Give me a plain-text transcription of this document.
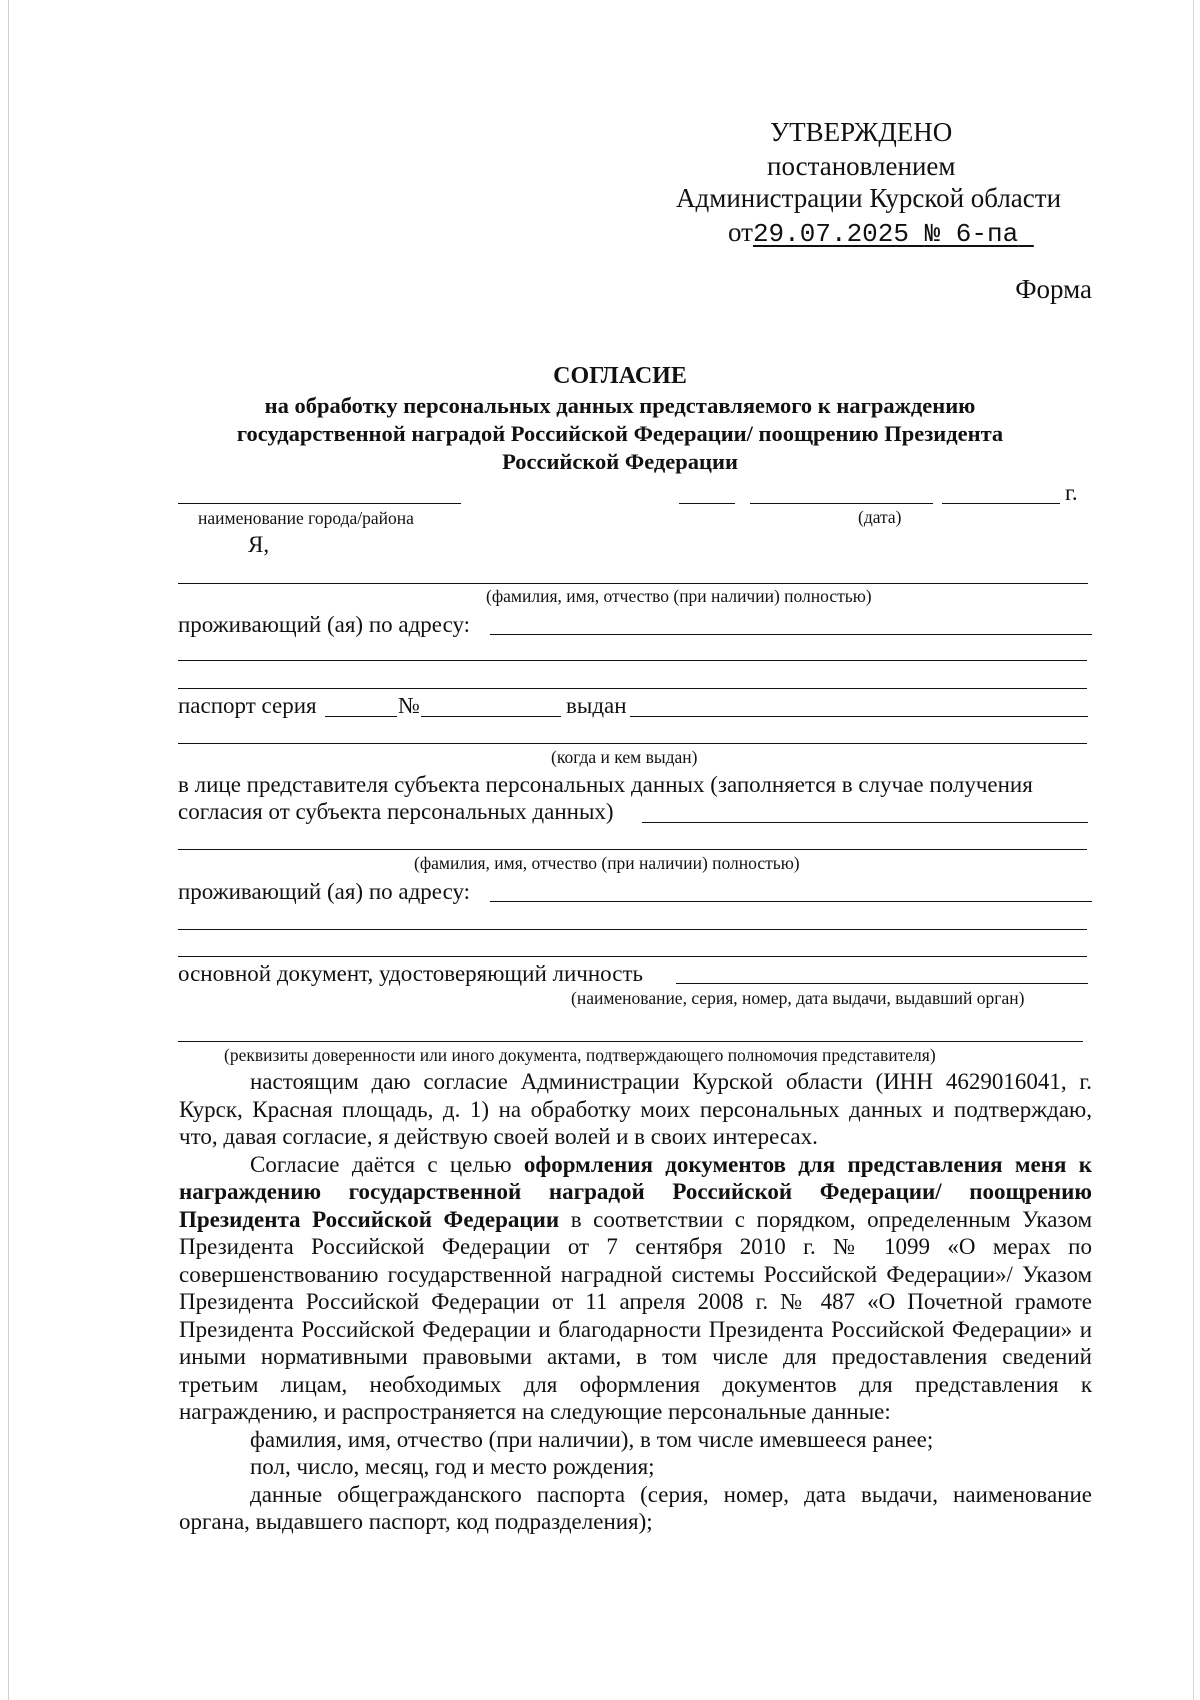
УТВЕРЖДЕНО
постановлением
Администрации Курской области
от29.07.2025 № 6-па
Форма
СОГЛАСИЕ
на обработку персональных данных представляемого к награждению
государственной наградой Российской Федерации/ поощрению Президента
Российской Федерации
г.
наименование города/района	(дата)
Я,
(фамилия, имя, отчество (при наличии) полностью)
проживающий (ая) по адресу:
паспорт серия	№	выдан
(когда и кем выдан)
в лице представителя субъекта персональных данных (заполняется в случае получения
согласия от субъекта персональных данных)
(фамилия, имя, отчество (при наличии) полностью)
проживающий (ая) по адресу:
основной документ, удостоверяющий личность
(наименование, серия, номер, дата выдачи, выдавший орган)
(реквизиты доверенности или иного документа, подтверждающего полномочия представителя)

настоящим даю согласие Администрации Курской области (ИНН 4629016041, г. Курск, Красная площадь, д. 1) на обработку моих персональных данных и подтверждаю, что, давая согласие, я действую своей волей и в своих интересах.

Согласие даётся с целью оформления документов для представления меня к награждению государственной наградой Российской Федерации/ поощрению Президента Российской Федерации в соответствии с порядком, определенным Указом Президента Российской Федерации от 7 сентября 2010 г. № 1099 «О мерах по совершенствованию государственной наградной системы Российской Федерации»/ Указом Президента Российской Федерации от 11 апреля 2008 г. № 487 «О Почетной грамоте Президента Российской Федерации и благодарности Президента Российской Федерации» и иными нормативными правовыми актами, в том числе для предоставления сведений третьим лицам, необходимых для оформления документов для представления к награждению, и распространяется на следующие персональные данные:

фамилия, имя, отчество (при наличии), в том числе имевшееся ранее;

пол, число, месяц, год и место рождения;

данные общегражданского паспорта (серия, номер, дата выдачи, наименование органа, выдавшего паспорт, код подразделения);
